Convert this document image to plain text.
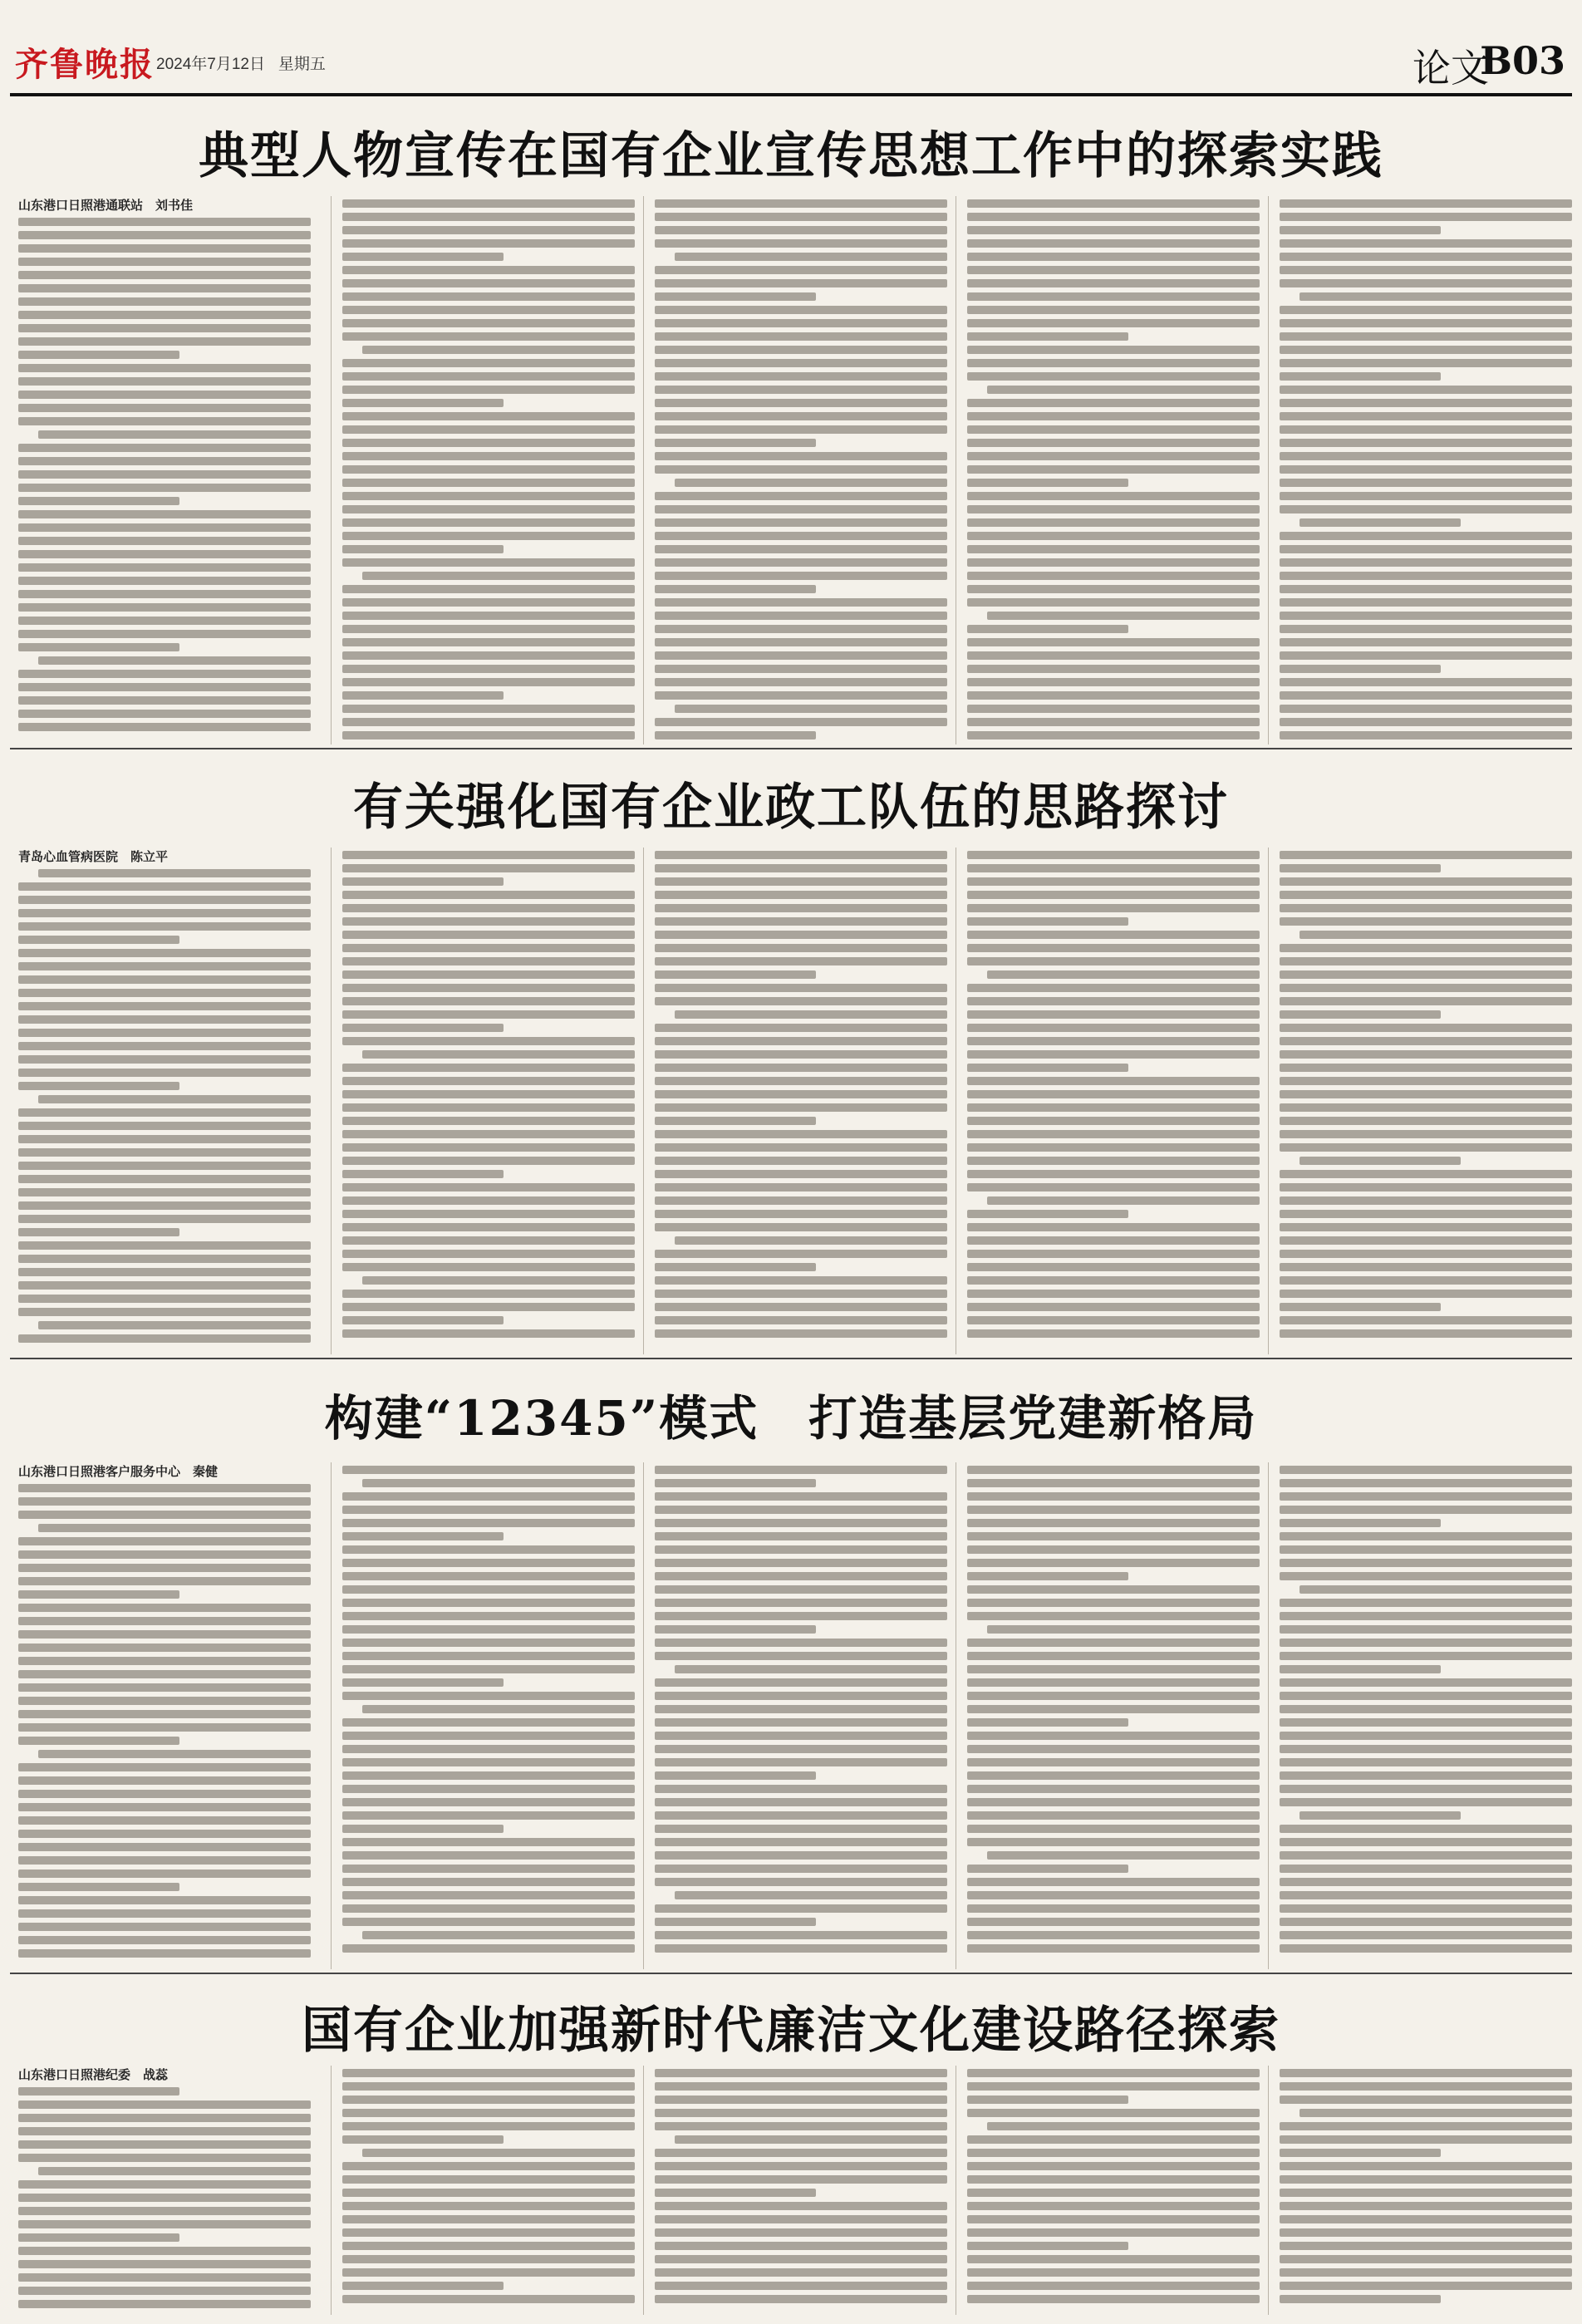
齐鲁晚报 2024年7月12日 星期五	论文
B03
典型人物宣传在国有企业宣传思想工作中的探索实践
山东港口日照港通联站　刘书佳
有关强化国有企业政工队伍的思路探讨
青岛心血管病医院　陈立平
构建“12345”模式　打造基层党建新格局
山东港口日照港客户服务中心　秦健
国有企业加强新时代廉洁文化建设路径探索
山东港口日照港纪委　战蕊
